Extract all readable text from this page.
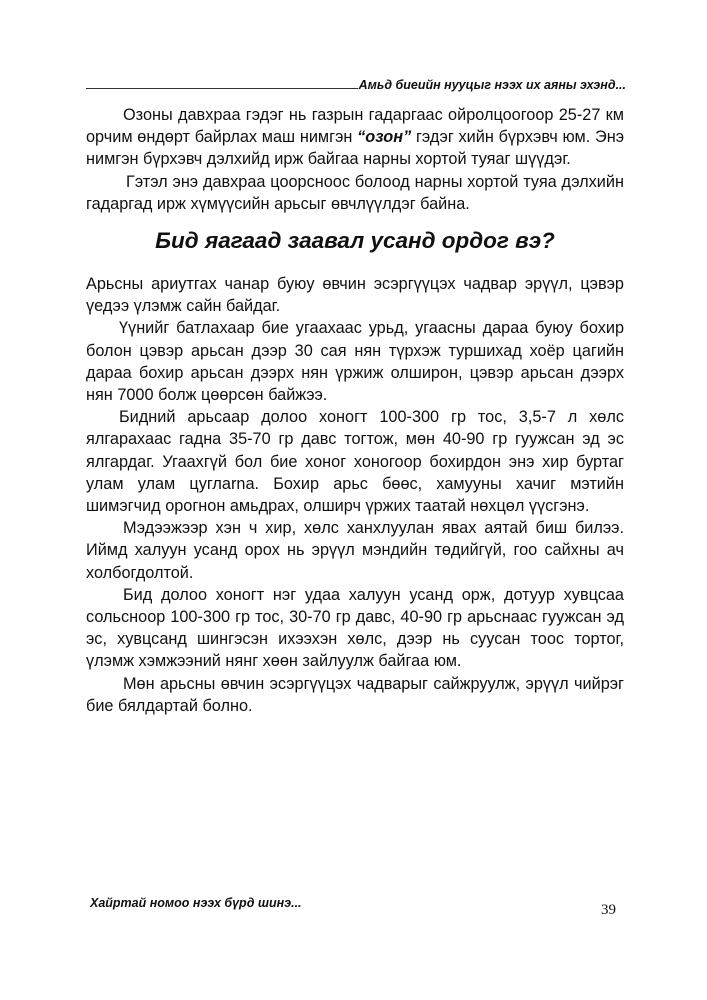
Амьд биеийн нууцыг нээх их аяны эхэнд...

Озоны давхраа гэдэг нь газрын гадаргаас ойролцоогоор 25-27 км орчим өндөрт байрлах маш нимгэн “озон” гэдэг хийн бүрхэвч юм. Энэ нимгэн бүрхэвч дэлхийд ирж байгаа нарны хортой туяаг шүүдэг.

Гэтэл энэ давхраа цоорсноос болоод нарны хортой туяа дэлхийн гадаргад ирж хүмүүсийн арьсыг өвчлүүлдэг байна.

Бид яагаад заавал усанд ордог вэ?

Арьсны ариутгах чанар буюу өвчин эсэргүүцэх чадвар эрүүл, цэвэр үедээ үлэмж сайн байдаг.

Үүнийг батлахаар бие угаахаас урьд, угаасны дараа буюу бохир болон цэвэр арьсан дээр 30 сая нян түрхэж туршихад хоёр цагийн дараа бохир арьсан дээрх нян үржиж олширон, цэвэр арьсан дээрх нян 7000 болж цөөрсөн байжээ.

Бидний арьсаар долоо хоногт 100-300 гр тос, 3,5-7 л хөлс ялгарахаас гадна 35-70 гр давс тогтож, мөн 40-90 гр гуужсан эд эс ялгардаг. Угаахгүй бол бие хоног хоногоор бохирдон энэ хир буртаг улам улам цуглarna. Бохир арьс бөөс, хамууны хачиг мэтийн шимэгчид орогнон амьдрах, олширч үржих таатай нөхцөл үүсгэнэ.

Мэдээжээр хэн ч хир, хөлс ханхлуулан явах аятай биш билээ. Иймд халуун усанд орох нь эрүүл мэндийн төдийгүй, гоо сайхны ач холбогдолтой.

Бид долоо хоногт нэг удаа халуун усанд орж, дотуур хувцсаа сольсноор 100-300 гр тос, 30-70 гр давс, 40-90 гр арьснаас гуужсан эд эс, хувцсанд шингэсэн ихээхэн хөлс, дээр нь суусан тоос тортог, үлэмж хэмжээний нянг хөөн зайлуулж байгаа юм.

Мөн арьсны өвчин эсэргүүцэх чадварыг сайжруулж, эрүүл чийрэг бие бялдартай болно.

Хайртай номоо нээх бүрд шинэ...	39
